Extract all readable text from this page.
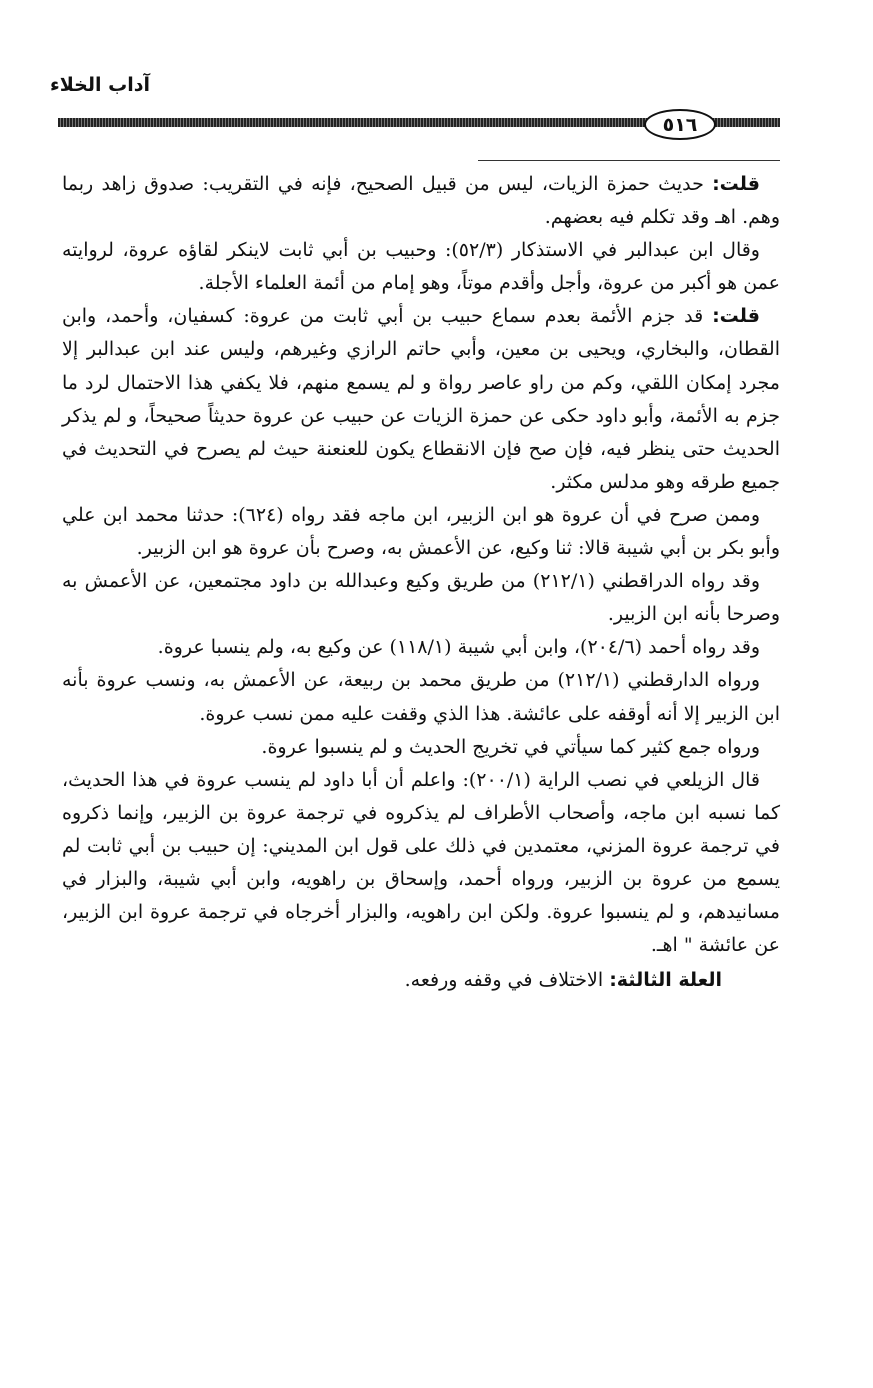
آداب الخلاء
٥١٦

قلت: حديث حمزة الزيات، ليس من قبيل الصحيح، فإنه في التقريب: صدوق زاهد ربما وهم. اهـ وقد تكلم فيه بعضهم.

وقال ابن عبدالبر في الاستذكار (٥٢/٣): وحبيب بن أبي ثابت لاينكر لقاؤه عروة، لروايته عمن هو أكبر من عروة، وأجل وأقدم موتاً، وهو إمام من أئمة العلماء الأجلة.

قلت: قد جزم الأئمة بعدم سماع حبيب بن أبي ثابت من عروة: كسفيان، وأحمد، وابن القطان، والبخاري، ويحيى بن معين، وأبي حاتم الرازي وغيرهم، وليس عند ابن عبدالبر إلا مجرد إمكان اللقي، وكم من راو عاصر رواة و لم يسمع منهم، فلا يكفي هذا الاحتمال لرد ما جزم به الأئمة، وأبو داود حكى عن حمزة الزيات عن حبيب عن عروة حديثاً صحيحاً، و لم يذكر الحديث حتى ينظر فيه، فإن صح فإن الانقطاع يكون للعنعنة حيث لم يصرح في التحديث في جميع طرقه وهو مدلس مكثر.

وممن صرح في أن عروة هو ابن الزبير، ابن ماجه فقد رواه (٦٢٤): حدثنا محمد ابن علي وأبو بكر بن أبي شيبة قالا: ثنا وكيع، عن الأعمش به، وصرح بأن عروة هو ابن الزبير.

وقد رواه الدراقطني (٢١٢/١) من طريق وكيع وعبدالله بن داود مجتمعين، عن الأعمش به وصرحا بأنه ابن الزبير.

وقد رواه أحمد (٢٠٤/٦)، وابن أبي شيبة (١١٨/١) عن وكيع به، ولم ينسبا عروة.

ورواه الدارقطني (٢١٢/١) من طريق محمد بن ربيعة، عن الأعمش به، ونسب عروة بأنه ابن الزبير إلا أنه أوقفه على عائشة. هذا الذي وقفت عليه ممن نسب عروة.

ورواه جمع كثير كما سيأتي في تخريج الحديث و لم ينسبوا عروة.

قال الزيلعي في نصب الراية (٢٠٠/١): واعلم أن أبا داود لم ينسب عروة في هذا الحديث، كما نسبه ابن ماجه، وأصحاب الأطراف لم يذكروه في ترجمة عروة بن الزبير، وإنما ذكروه في ترجمة عروة المزني، معتمدين في ذلك على قول ابن المديني: إن حبيب بن أبي ثابت لم يسمع من عروة بن الزبير، ورواه أحمد، وإسحاق بن راهويه، وابن أبي شيبة، والبزار في مسانيدهم، و لم ينسبوا عروة. ولكن ابن راهويه، والبزار أخرجاه في ترجمة عروة ابن الزبير، عن عائشة " اهـ.

العلة الثالثة: الاختلاف في وقفه ورفعه.
